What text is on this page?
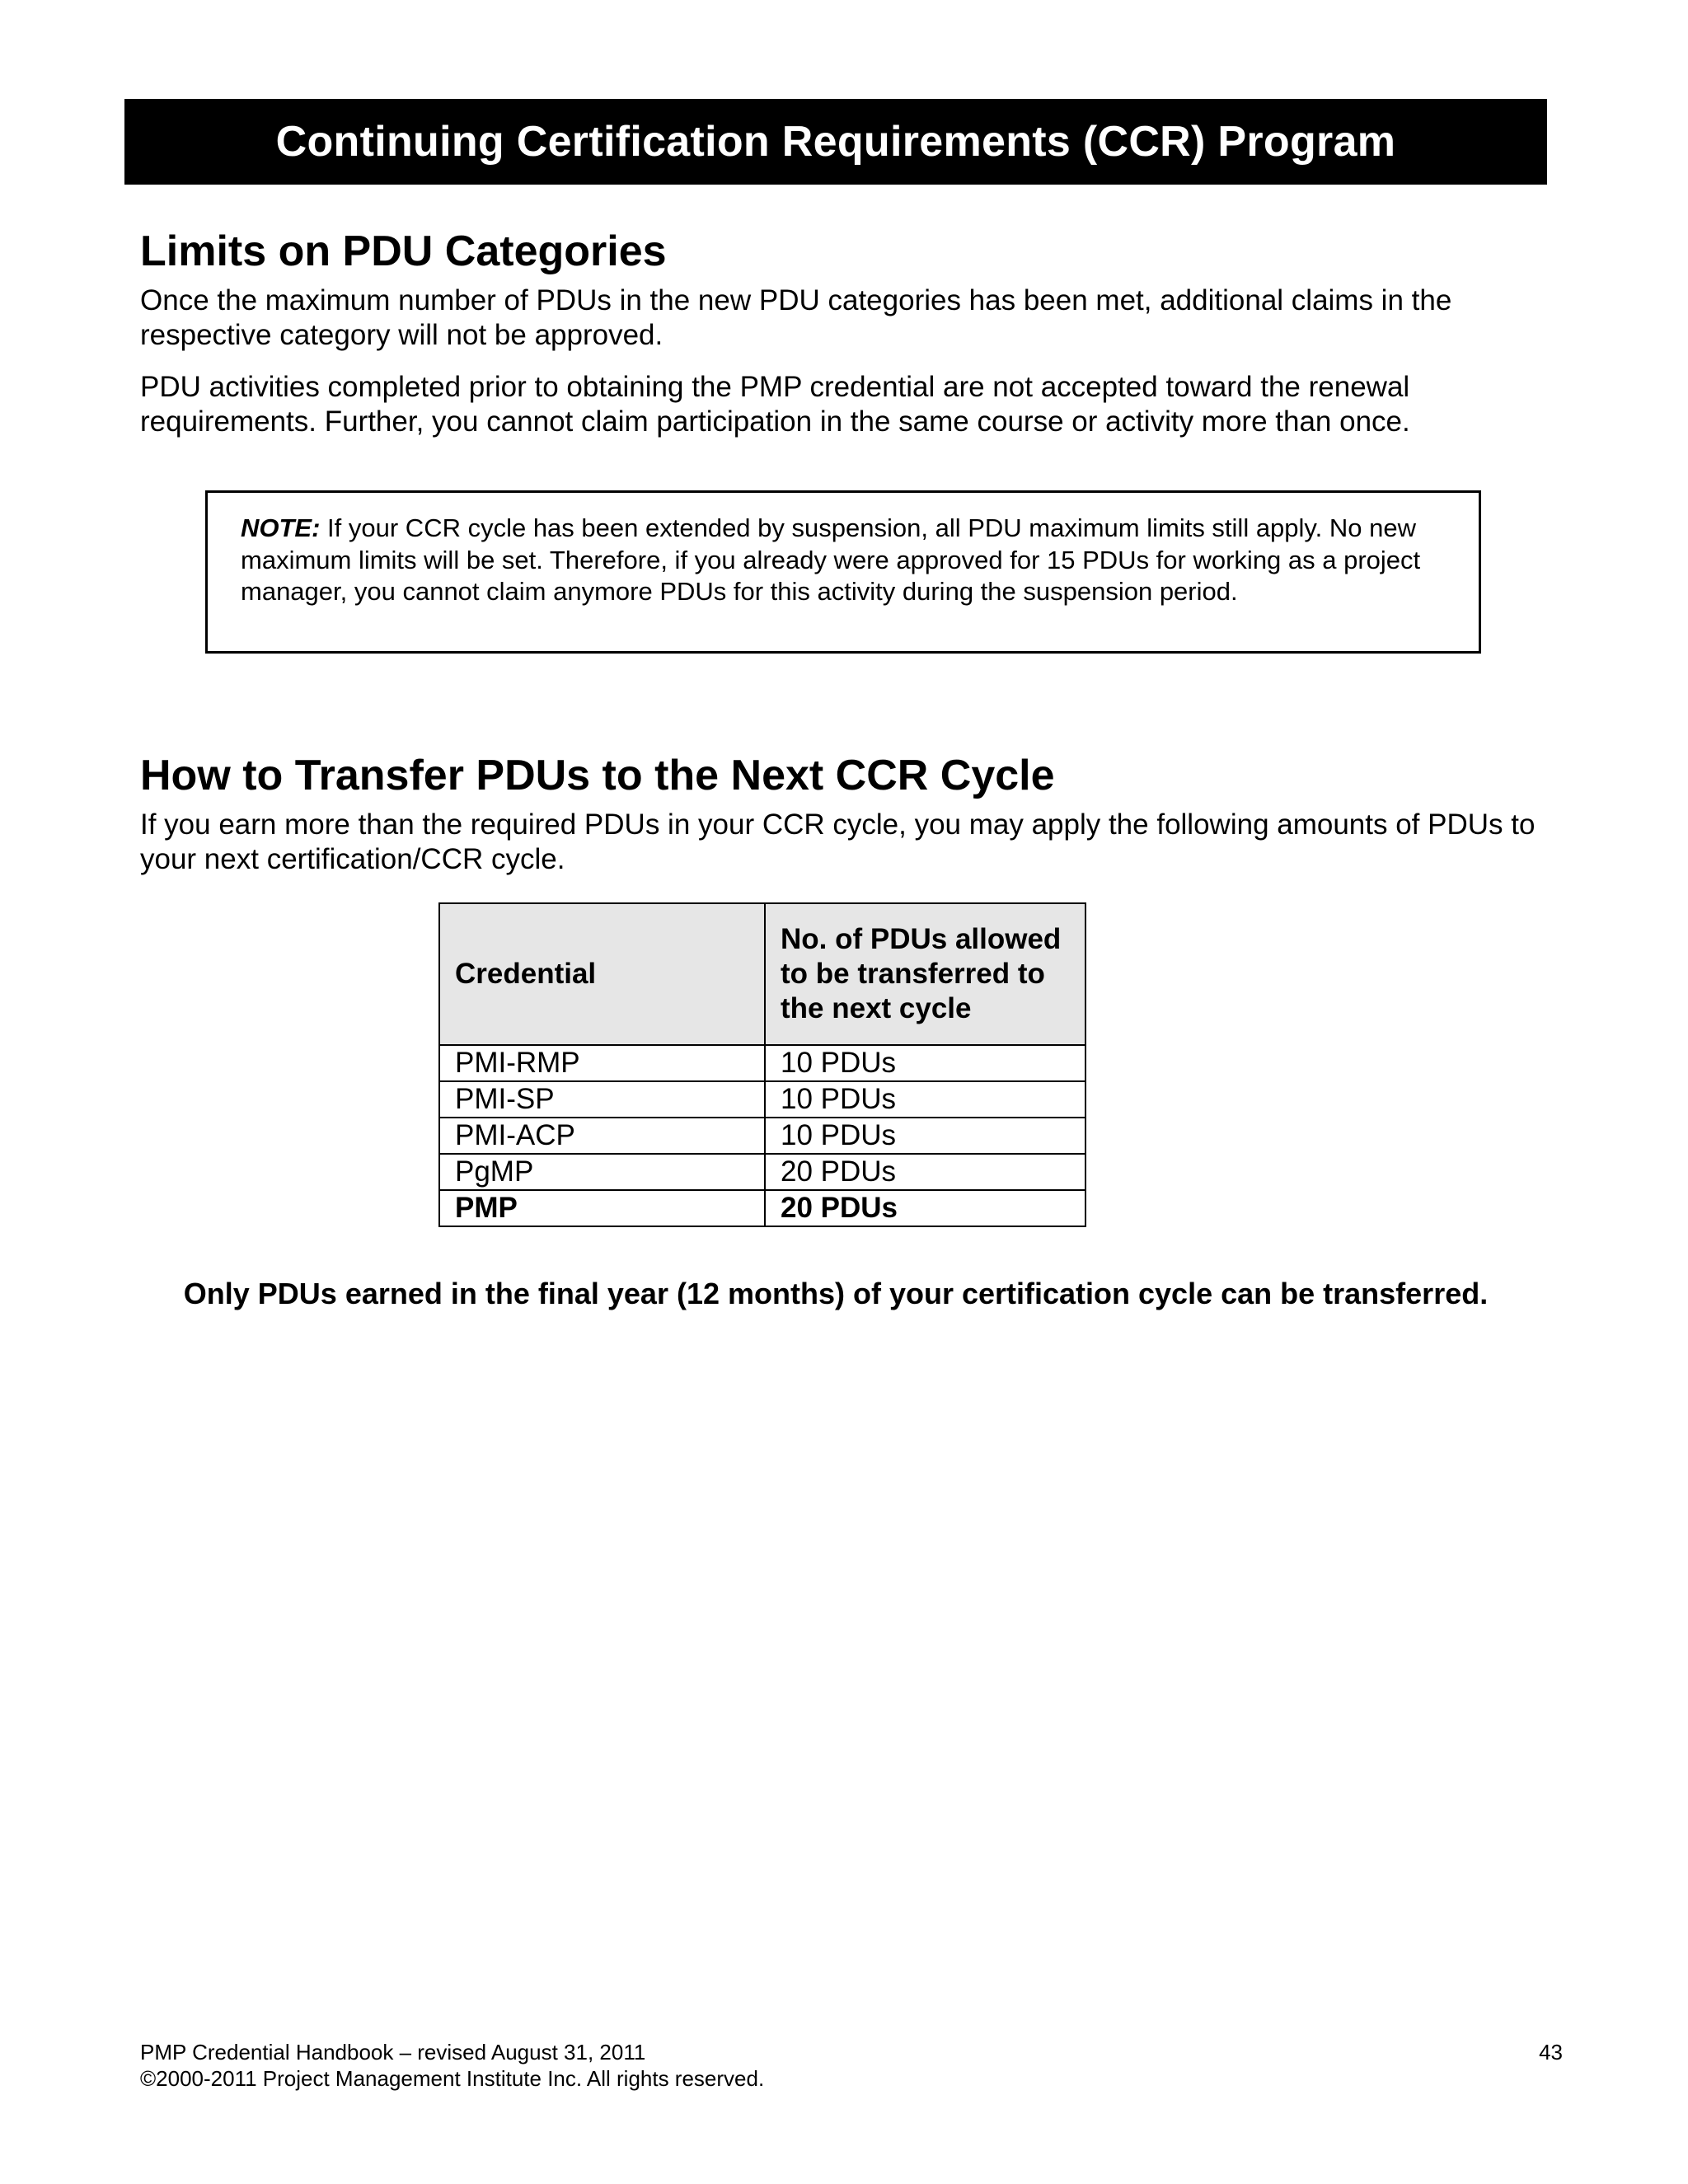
Continuing Certification Requirements (CCR) Program
Limits on PDU Categories

Once the maximum number of PDUs in the new PDU categories has been met, additional claims in the respective category will not be approved.

PDU activities completed prior to obtaining the PMP credential are not accepted toward the renewal requirements. Further, you cannot claim participation in the same course or activity more than once.

NOTE: If your CCR cycle has been extended by suspension, all PDU maximum limits still apply. No new maximum limits will be set. Therefore, if you already were approved for 15 PDUs for working as a project manager, you cannot claim anymore PDUs for this activity during the suspension period.

How to Transfer PDUs to the Next CCR Cycle

If you earn more than the required PDUs in your CCR cycle, you may apply the following amounts of PDUs to your next certification/CCR cycle.

Credential	No. of PDUs allowed to be transferred to the next cycle
PMI-RMP	10 PDUs
PMI-SP	10 PDUs
PMI-ACP	10 PDUs
PgMP	20 PDUs
PMP	20 PDUs

Only PDUs earned in the final year (12 months) of your certification cycle can be transferred.

PMP Credential Handbook – revised August 31, 2011
©2000-2011 Project Management Institute Inc. All rights reserved.
43
